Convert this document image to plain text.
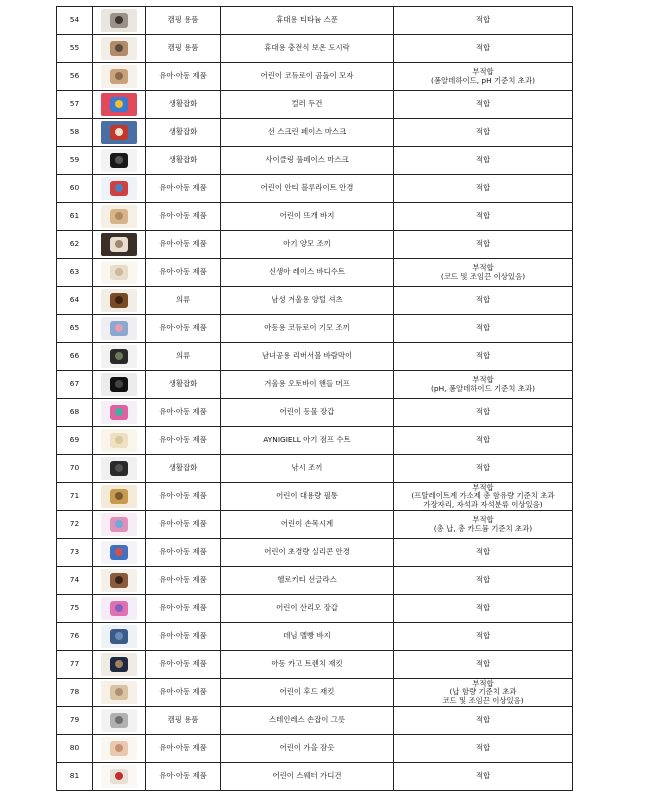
54		캠핑 용품	휴대용 티타늄 스푼	적합

55		캠핑 용품	휴대용 충전식 보온 도시락	적합

56		유아·아동 제품	어린이 코듀로이 곰돌이 모자	부적합
(폼알데하이드, pH 기준치 초과)

57		생활잡화	컬러 두건	적합

58		생활잡화	선 스크린 페이스 마스크	적합

59		생활잡화	사이클링 풀페이스 마스크	적합

60		유아·아동 제품	어린이 안티 블루라이트 안경	적합

61		유아·아동 제품	어린이 뜨개 바지	적합

62		유아·아동 제품	아기 양모 조끼	적합

63		유아·아동 제품	신생아 레이스 바디수트	부적합
(코드 및 조임끈 이상있음)

64		의류	남성 겨울용 양털 셔츠	적합

65		유아·아동 제품	아동용 코듀로이 기모 조끼	적합

66		의류	남녀공용 리버서블 바람막이	적합

67		생활잡화	겨울용 오토바이 핸들 머프	부적합
(pH, 폼알데하이드 기준치 초과)

68		유아·아동 제품	어린이 동물 장갑	적합

69		유아·아동 제품	AYNIGIELL 아기 점프 수트	적합

70		생활잡화	낚시 조끼	적합

71		유아·아동 제품	어린이 대용량 필통	부적합
(프탈레이트계 가소제 총 함유량 기준치 초과
가장자리, 자석과 자석분류 이상있음)

72		유아·아동 제품	어린이 손목시계	부적합
(총 납, 총 카드뮴 기준치 초과)

73		유아·아동 제품	어린이 초경량 실리콘 안경	적합

74		유아·아동 제품	헬로키티 선글라스	적합

75		유아·아동 제품	어린이 산리오 장갑	적합

76		유아·아동 제품	데님 멜빵 바지	적합

77		유아·아동 제품	아동 카고 트렌치 재킷	적합

78		유아·아동 제품	어린이 후드 재킷	부적합
(납 함량 기준치 초과
코드 및 조임끈 이상있음)

79		캠핑 용품	스테인레스 손잡이 그릇	적합

80		유아·아동 제품	어린이 가을 잠옷	적합

81		유아·아동 제품	어린이 스웨터 가디건	적합
